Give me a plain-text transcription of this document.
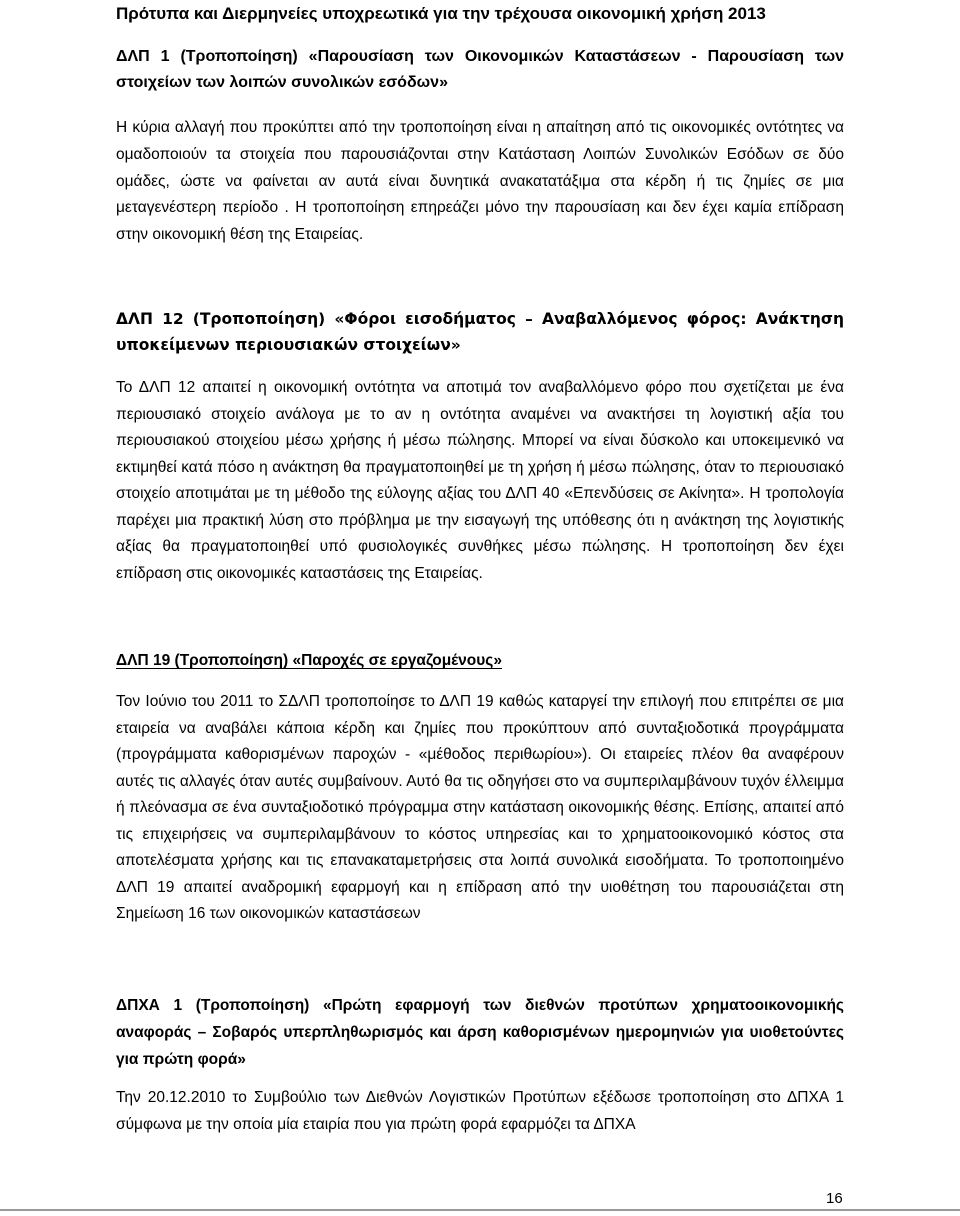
Πρότυπα και Διερμηνείες υποχρεωτικά για την τρέχουσα οικονομική χρήση 2013
ΔΛΠ 1 (Τροποποίηση) «Παρουσίαση των Οικονομικών Καταστάσεων - Παρουσίαση των στοιχείων των λοιπών συνολικών εσόδων»
Η κύρια αλλαγή που προκύπτει από την τροποποίηση είναι η απαίτηση από τις οικονομικές οντότητες να ομαδοποιούν τα στοιχεία που παρουσιάζονται στην Κατάσταση Λοιπών Συνολικών Εσόδων σε δύο ομάδες, ώστε να φαίνεται αν αυτά είναι δυνητικά ανακατατάξιμα στα κέρδη ή τις ζημίες σε μια μεταγενέστερη περίοδο . Η τροποποίηση επηρεάζει μόνο την παρουσίαση και δεν έχει καμία επίδραση στην οικονομική θέση της Εταιρείας.
ΔΛΠ 12 (Τροποποίηση) «Φόροι εισοδήματος – Αναβαλλόμενος φόρος: Ανάκτηση υποκείμενων περιουσιακών στοιχείων»
Το ΔΛΠ 12 απαιτεί η οικονομική οντότητα να αποτιμά τον αναβαλλόμενο φόρο που σχετίζεται με ένα περιουσιακό στοιχείο ανάλογα με το αν η οντότητα αναμένει να ανακτήσει τη λογιστική αξία του περιουσιακού στοιχείου μέσω χρήσης ή μέσω πώλησης. Μπορεί να είναι δύσκολο και υποκειμενικό να εκτιμηθεί κατά πόσο η ανάκτηση θα πραγματοποιηθεί με τη χρήση ή μέσω πώλησης, όταν το περιουσιακό στοιχείο αποτιμάται με τη μέθοδο της εύλογης αξίας του ΔΛΠ 40 «Επενδύσεις σε Ακίνητα». Η τροπολογία παρέχει μια πρακτική λύση στο πρόβλημα με την εισαγωγή της υπόθεσης ότι η ανάκτηση της λογιστικής αξίας θα πραγματοποιηθεί υπό φυσιολογικές συνθήκες μέσω πώλησης. Η τροποποίηση δεν έχει επίδραση στις οικονομικές καταστάσεις της Εταιρείας.
ΔΛΠ 19 (Τροποποίηση) «Παροχές σε εργαζομένους»
Τον Ιούνιο του 2011 το ΣΔΛΠ τροποποίησε το ΔΛΠ 19 καθώς καταργεί την επιλογή που επιτρέπει σε μια εταιρεία να αναβάλει κάποια κέρδη και ζημίες που προκύπτουν από συνταξιοδοτικά προγράμματα (προγράμματα καθορισμένων παροχών - «μέθοδος περιθωρίου»). Οι εταιρείες πλέον θα αναφέρουν αυτές τις αλλαγές όταν αυτές συμβαίνουν. Αυτό θα τις οδηγήσει στο να συμπεριλαμβάνουν τυχόν έλλειμμα ή πλεόνασμα σε ένα συνταξιοδοτικό πρόγραμμα στην κατάσταση οικονομικής θέσης. Επίσης, απαιτεί από τις επιχειρήσεις να συμπεριλαμβάνουν το κόστος υπηρεσίας και το χρηματοοικονομικό κόστος στα αποτελέσματα χρήσης και τις επανακαταμετρήσεις στα λοιπά συνολικά εισοδήματα. Το τροποποιημένο ΔΛΠ 19 απαιτεί αναδρομική εφαρμογή και η επίδραση από την υιοθέτηση του παρουσιάζεται στη Σημείωση 16 των οικονομικών καταστάσεων
ΔΠΧΑ 1 (Τροποποίηση) «Πρώτη εφαρμογή των διεθνών προτύπων χρηματοοικονομικής αναφοράς – Σοβαρός υπερπληθωρισμός και άρση καθορισμένων ημερομηνιών για υιοθετούντες για πρώτη φορά»
Την 20.12.2010 το Συμβούλιο των Διεθνών Λογιστικών Προτύπων εξέδωσε τροποποίηση στο ΔΠΧΑ 1 σύμφωνα με την οποία μία εταιρία που για πρώτη φορά εφαρμόζει τα ΔΠΧΑ
16
